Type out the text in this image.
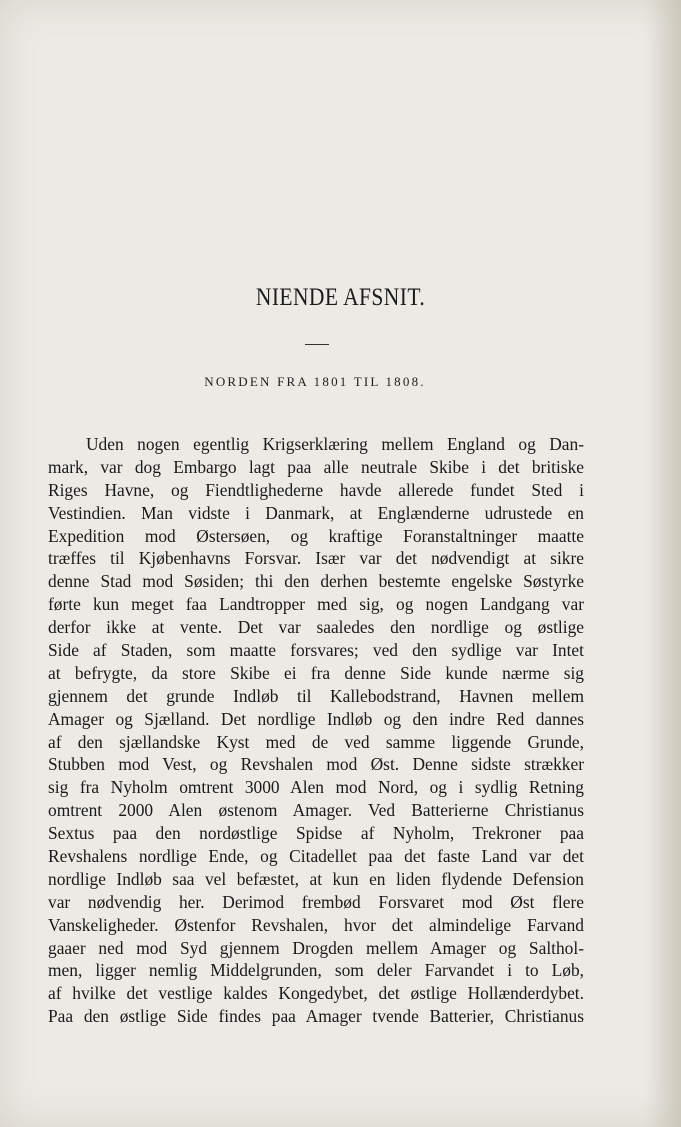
NIENDE AFSNIT.
NORDEN FRA 1801 TIL 1808.
Uden nogen egentlig Krigserklæring mellem England og Dan-
mark, var dog Embargo lagt paa alle neutrale Skibe i det britiske
Riges Havne, og Fiendtlighederne havde allerede fundet Sted i
Vestindien. Man vidste i Danmark, at Englænderne udrustede en
Expedition mod Østersøen, og kraftige Foranstaltninger maatte
træffes til Kjøbenhavns Forsvar. Især var det nødvendigt at sikre
denne Stad mod Søsiden; thi den derhen bestemte engelske Søstyrke
førte kun meget faa Landtropper med sig, og nogen Landgang var
derfor ikke at vente. Det var saaledes den nordlige og østlige
Side af Staden, som maatte forsvares; ved den sydlige var Intet
at befrygte, da store Skibe ei fra denne Side kunde nærme sig
gjennem det grunde Indløb til Kallebodstrand, Havnen mellem
Amager og Sjælland. Det nordlige Indløb og den indre Red dannes
af den sjællandske Kyst med de ved samme liggende Grunde,
Stubben mod Vest, og Revshalen mod Øst. Denne sidste strækker
sig fra Nyholm omtrent 3000 Alen mod Nord, og i sydlig Retning
omtrent 2000 Alen østenom Amager. Ved Batterierne Christianus
Sextus paa den nordøstlige Spidse af Nyholm, Trekroner paa
Revshalens nordlige Ende, og Citadellet paa det faste Land var det
nordlige Indløb saa vel befæstet, at kun en liden flydende Defension
var nødvendig her. Derimod frembød Forsvaret mod Øst flere
Vanskeligheder. Østenfor Revshalen, hvor det almindelige Farvand
gaaer ned mod Syd gjennem Drogden mellem Amager og Salthol-
men, ligger nemlig Middelgrunden, som deler Farvandet i to Løb,
af hvilke det vestlige kaldes Kongedybet, det østlige Hollænderdybet.
Paa den østlige Side findes paa Amager tvende Batterier, Christianus
